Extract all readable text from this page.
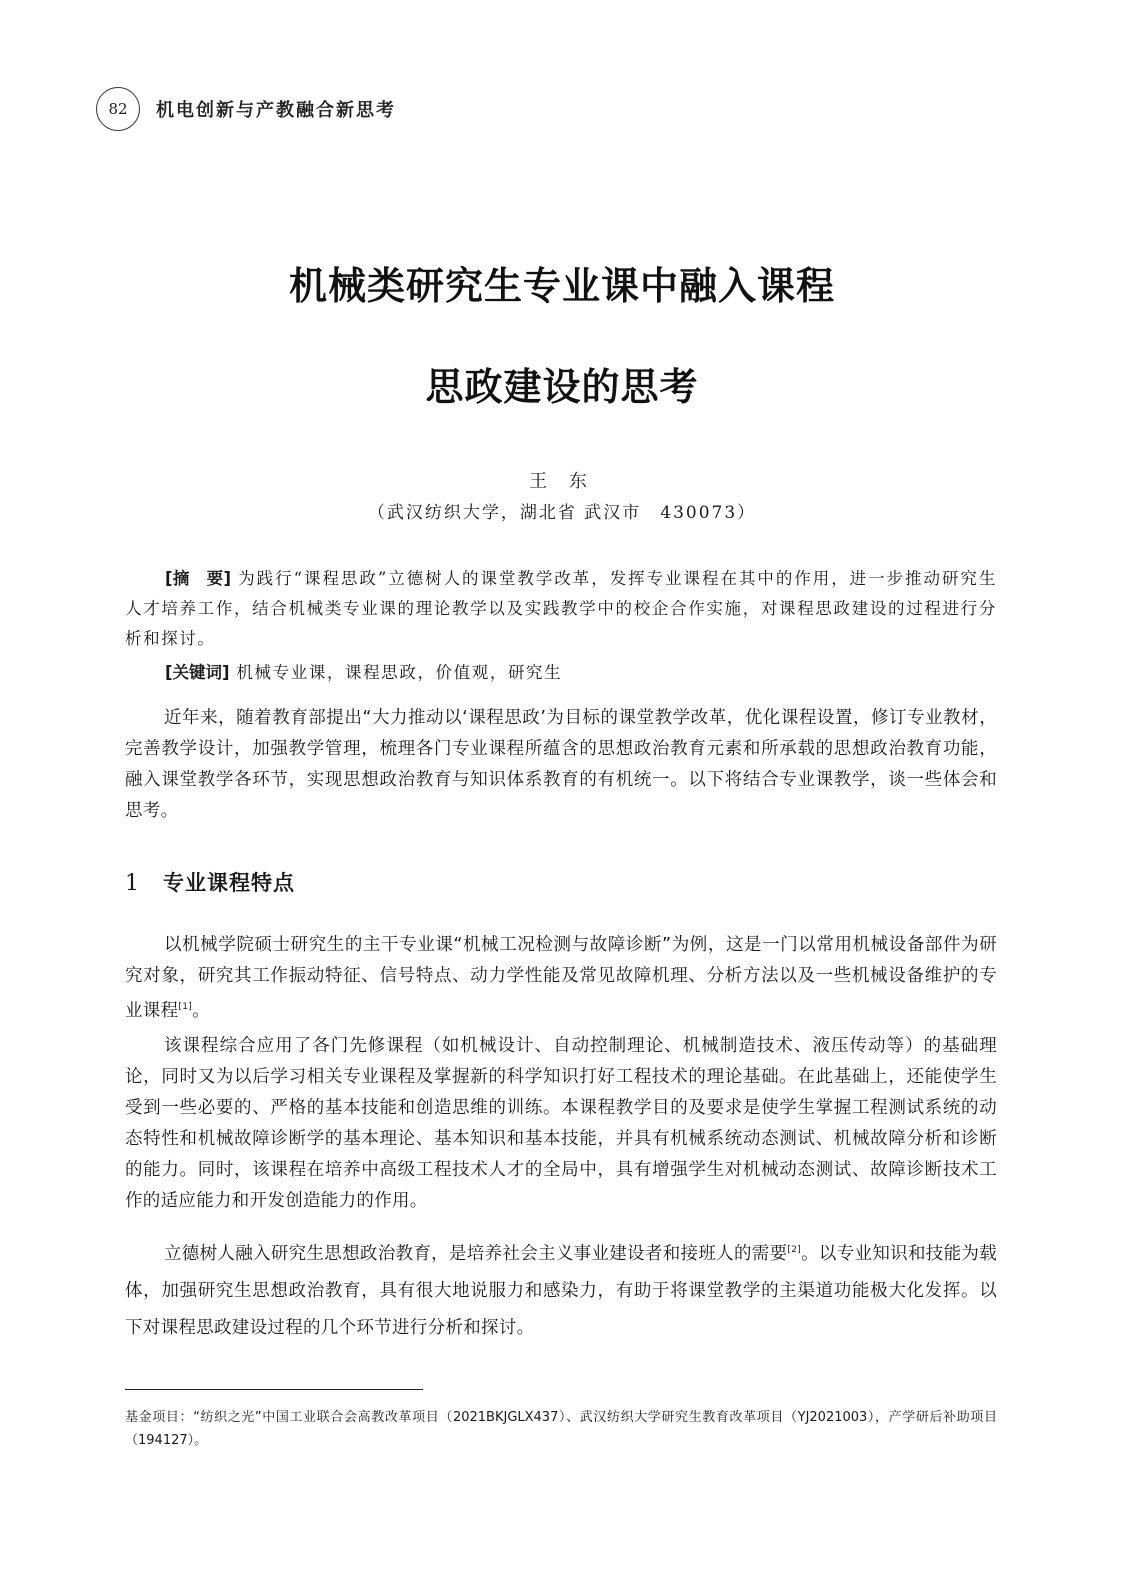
82	机电创新与产教融合新思考
机械类研究生专业课中融入课程
思政建设的思考
王 东
（武汉纺织大学，湖北省 武汉市　430073）

[摘　要] 为践行“课程思政”立德树人的课堂教学改革，发挥专业课程在其中的作用，进一步推动研究生人才培养工作，结合机械类专业课的理论教学以及实践教学中的校企合作实施，对课程思政建设的过程进行分析和探讨。

[关键词] 机械专业课，课程思政，价值观，研究生

近年来，随着教育部提出“大力推动以‘课程思政’为目标的课堂教学改革，优化课程设置，修订专业教材，完善教学设计，加强教学管理，梳理各门专业课程所蕴含的思想政治教育元素和所承载的思想政治教育功能，融入课堂教学各环节，实现思想政治教育与知识体系教育的有机统一。以下将结合专业课教学，谈一些体会和思考。

1	专业课程特点

以机械学院硕士研究生的主干专业课“机械工况检测与故障诊断”为例，这是一门以常用机械设备部件为研究对象，研究其工作振动特征、信号特点、动力学性能及常见故障机理、分析方法以及一些机械设备维护的专业课程[1]。

该课程综合应用了各门先修课程（如机械设计、自动控制理论、机械制造技术、液压传动等）的基础理论，同时又为以后学习相关专业课程及掌握新的科学知识打好工程技术的理论基础。在此基础上，还能使学生受到一些必要的、严格的基本技能和创造思维的训练。本课程教学目的及要求是使学生掌握工程测试系统的动态特性和机械故障诊断学的基本理论、基本知识和基本技能，并具有机械系统动态测试、机械故障分析和诊断的能力。同时，该课程在培养中高级工程技术人才的全局中，具有增强学生对机械动态测试、故障诊断技术工作的适应能力和开发创造能力的作用。

立德树人融入研究生思想政治教育，是培养社会主义事业建设者和接班人的需要[2]。以专业知识和技能为载体，加强研究生思想政治教育，具有很大地说服力和感染力，有助于将课堂教学的主渠道功能极大化发挥。以下对课程思政建设过程的几个环节进行分析和探讨。

基金项目：“纺织之光”中国工业联合会高教改革项目（2021BKJGLX437）、武汉纺织大学研究生教育改革项目（YJ2021003），产学研后补助项目（194127）。
